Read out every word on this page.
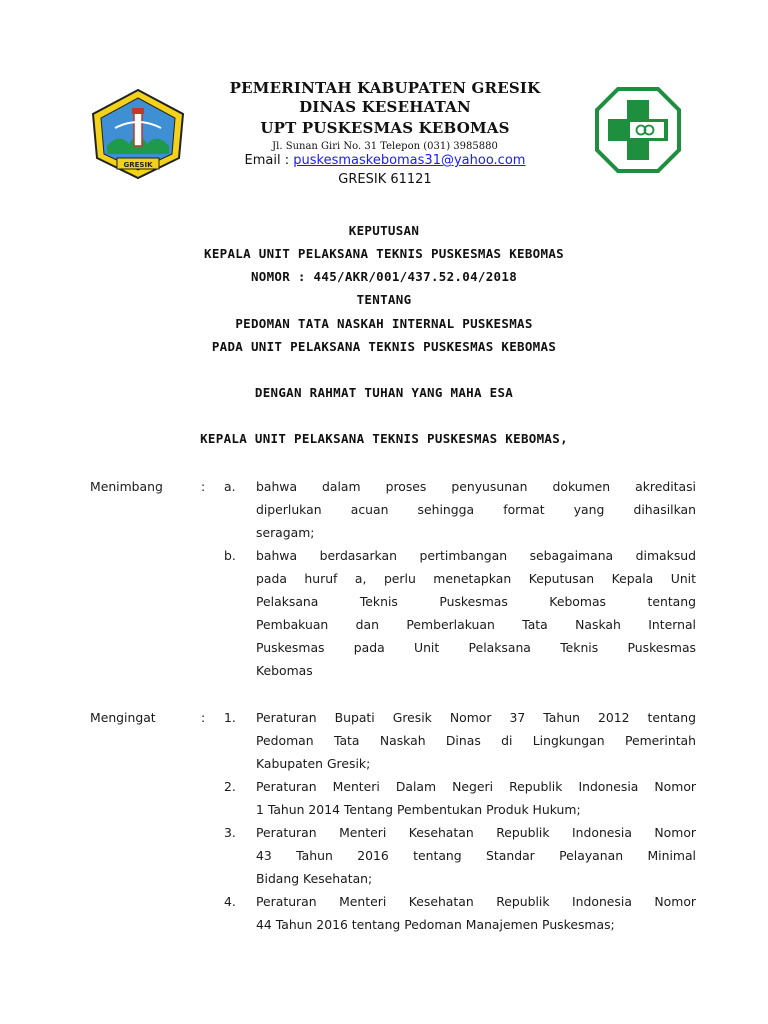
GRESIK
PEMERINTAH KABUPATEN GRESIK
DINAS KESEHATAN
UPT PUSKESMAS KEBOMAS
Jl. Sunan Giri No. 31 Telepon (031) 3985880
Email : puskesmaskebomas31@yahoo.com
GRESIK 61121
KEPUTUSAN
KEPALA UNIT PELAKSANA TEKNIS PUSKESMAS KEBOMAS
NOMOR : 445/AKR/001/437.52.04/2018
TENTANG
PEDOMAN TATA NASKAH INTERNAL PUSKESMAS
PADA UNIT PELAKSANA TEKNIS PUSKESMAS KEBOMAS
DENGAN RAHMAT TUHAN YANG MAHA ESA
KEPALA UNIT PELAKSANA TEKNIS PUSKESMAS KEBOMAS,
Menimbang	: a. bahwa dalam proses penyusunan dokumen akreditasi
diperlukan acuan sehingga format yang dihasilkan
seragam;
b. bahwa berdasarkan pertimbangan sebagaimana dimaksud
pada huruf a, perlu menetapkan Keputusan Kepala Unit
Pelaksana Teknis Puskesmas Kebomas tentang
Pembakuan dan Pemberlakuan Tata Naskah Internal
Puskesmas pada Unit Pelaksana Teknis Puskesmas
Kebomas
Mengingat	: 1. Peraturan Bupati Gresik Nomor 37 Tahun 2012 tentang
Pedoman Tata Naskah Dinas di Lingkungan Pemerintah
Kabupaten Gresik;
2. Peraturan Menteri Dalam Negeri Republik Indonesia Nomor
1 Tahun 2014 Tentang Pembentukan Produk Hukum;
3. Peraturan Menteri Kesehatan Republik Indonesia Nomor
43 Tahun 2016 tentang Standar Pelayanan Minimal
Bidang Kesehatan;
4. Peraturan Menteri Kesehatan Republik Indonesia Nomor
44 Tahun 2016 tentang Pedoman Manajemen Puskesmas;
